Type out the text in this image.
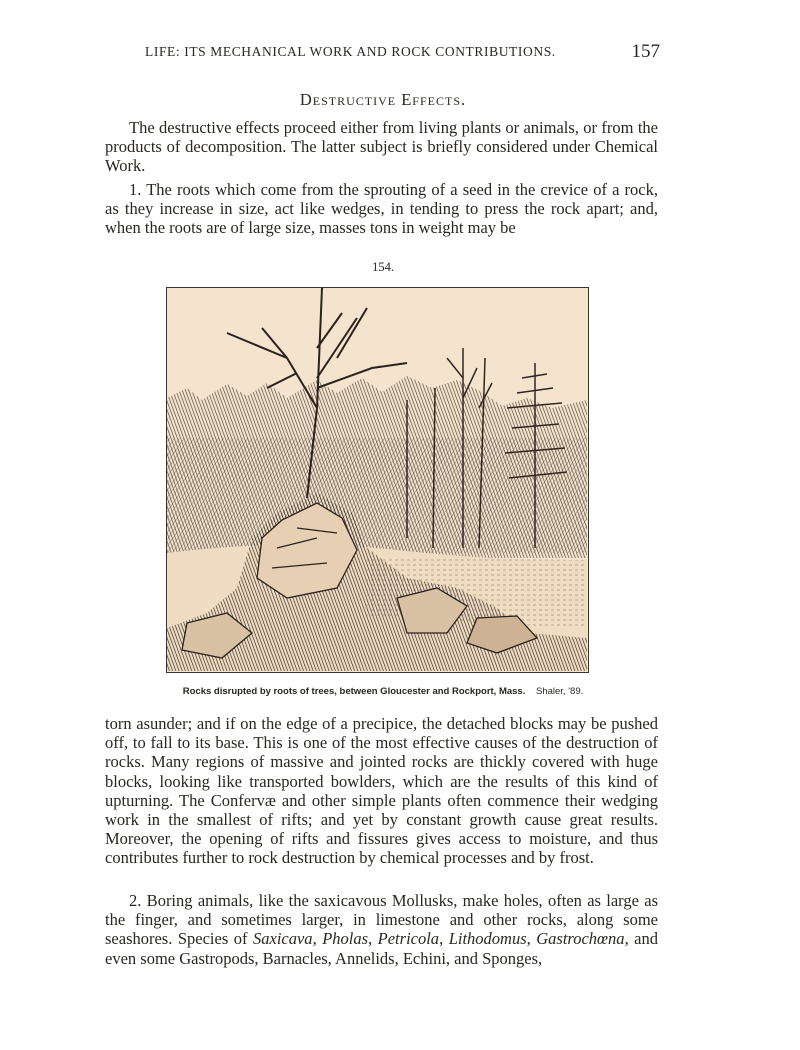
LIFE: ITS MECHANICAL WORK AND ROCK CONTRIBUTIONS.	157
Destructive Effects.

The destructive effects proceed either from living plants or animals, or from the products of decomposition. The latter subject is briefly considered under Chemical Work.

1. The roots which come from the sprouting of a seed in the crevice of a rock, as they increase in size, act like wedges, in tending to press the rock apart; and, when the roots are of large size, masses tons in weight may be

154.
Rocks disrupted by roots of trees, between Gloucester and Rockport, Mass. Shaler, '89.

torn asunder; and if on the edge of a precipice, the detached blocks may be pushed off, to fall to its base. This is one of the most effective causes of the destruction of rocks. Many regions of massive and jointed rocks are thickly covered with huge blocks, looking like transported bowlders, which are the results of this kind of upturning. The Confervæ and other simple plants often commence their wedging work in the smallest of rifts; and yet by constant growth cause great results. Moreover, the opening of rifts and fissures gives access to moisture, and thus contributes further to rock destruction by chemical processes and by frost.

2. Boring animals, like the saxicavous Mollusks, make holes, often as large as the finger, and sometimes larger, in limestone and other rocks, along some seashores. Species of Saxicava, Pholas, Petricola, Lithodomus, Gastrochœna, and even some Gastropods, Barnacles, Annelids, Echini, and Sponges,
